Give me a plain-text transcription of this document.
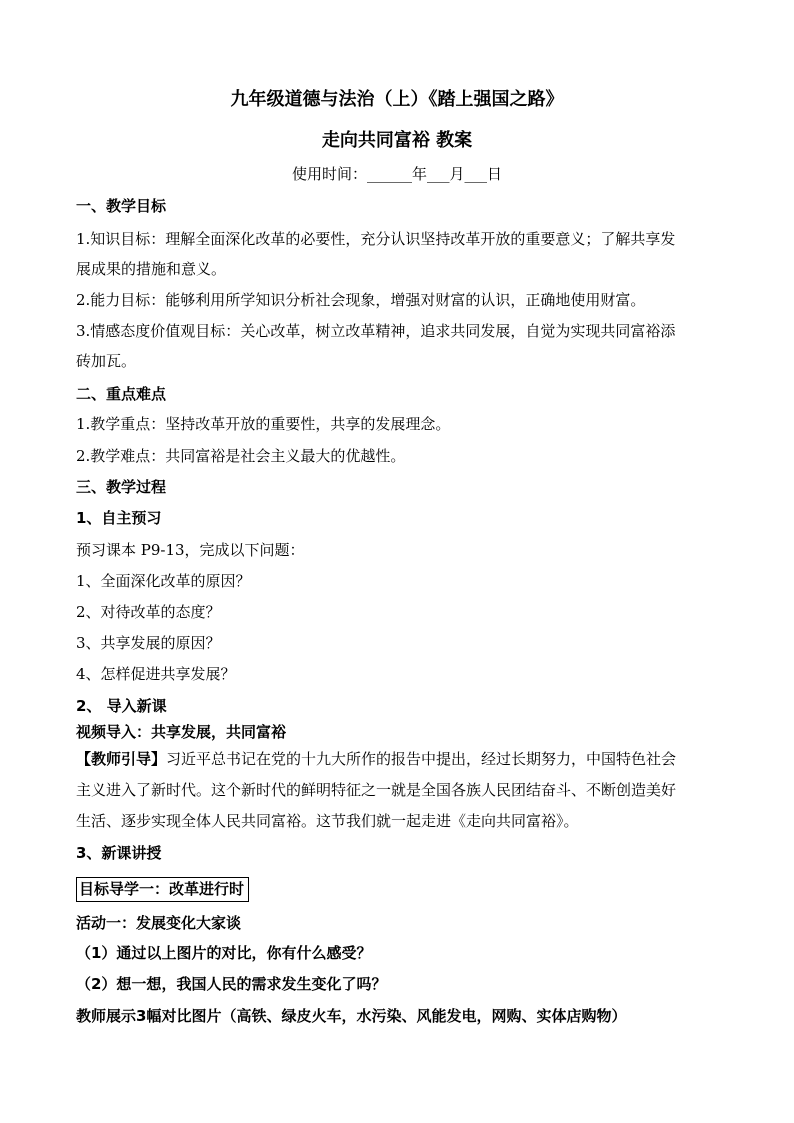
九年级道德与法治（上）《踏上强国之路》
走向共同富裕 教案
使用时间：______年___月___日
一、教学目标
1.知识目标：理解全面深化改革的必要性，充分认识坚持改革开放的重要意义；了解共享发
展成果的措施和意义。
2.能力目标：能够利用所学知识分析社会现象，增强对财富的认识，正确地使用财富。
3.情感态度价值观目标：关心改革，树立改革精神，追求共同发展，自觉为实现共同富裕添
砖加瓦。
二、重点难点
1.教学重点：坚持改革开放的重要性，共享的发展理念。
2.教学难点：共同富裕是社会主义最大的优越性。
三、教学过程
1、自主预习
预习课本 P9-13，完成以下问题：
1、全面深化改革的原因？
2、对待改革的态度？
3、共享发展的原因？
4、怎样促进共享发展？
2、 导入新课
视频导入：共享发展，共同富裕
【教师引导】习近平总书记在党的十九大所作的报告中提出，经过长期努力，中国特色社会
主义进入了新时代。这个新时代的鲜明特征之一就是全国各族人民团结奋斗、不断创造美好
生活、逐步实现全体人民共同富裕。这节我们就一起走进《走向共同富裕》。
3、新课讲授
目标导学一：改革进行时
活动一：发展变化大家谈
（1）通过以上图片的对比，你有什么感受？
（2）想一想，我国人民的需求发生变化了吗？
教师展示3幅对比图片（高铁、绿皮火车，水污染、风能发电，网购、实体店购物）
